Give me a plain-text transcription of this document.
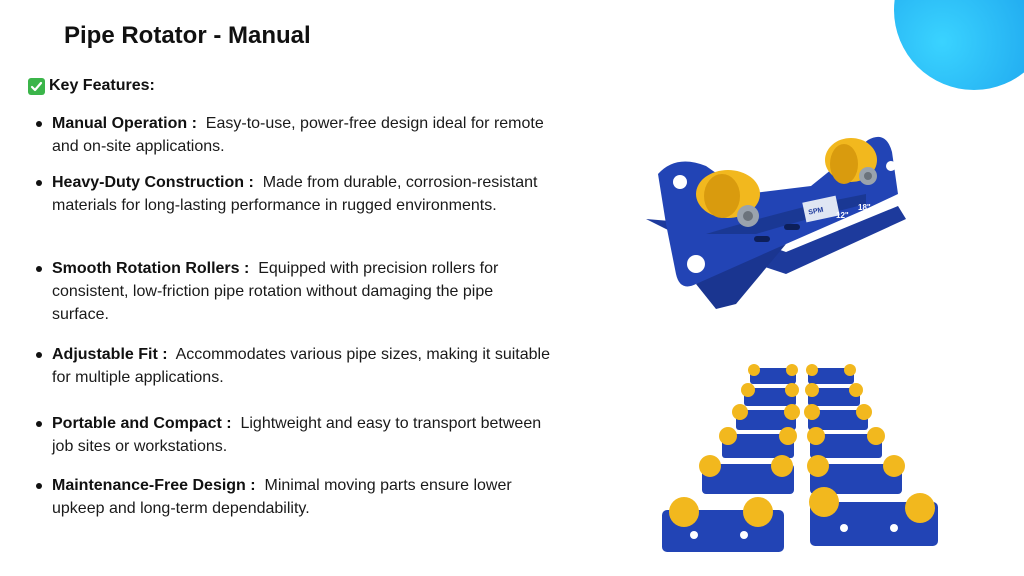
Pipe Rotator - Manual
Key Features:
Manual Operation : Easy-to-use, power-free design ideal for remote and on-site applications.
Heavy-Duty Construction : Made from durable, corrosion-resistant materials for long-lasting performance in rugged environments.
Smooth Rotation Rollers : Equipped with precision rollers for consistent, low-friction pipe rotation without damaging the pipe surface.
Adjustable Fit : Accommodates various pipe sizes, making it suitable for multiple applications.
Portable and Compact : Lightweight and easy to transport between job sites or workstations.
Maintenance-Free Design : Minimal moving parts ensure lower upkeep and long-term dependability.
SPM 12"
18"
